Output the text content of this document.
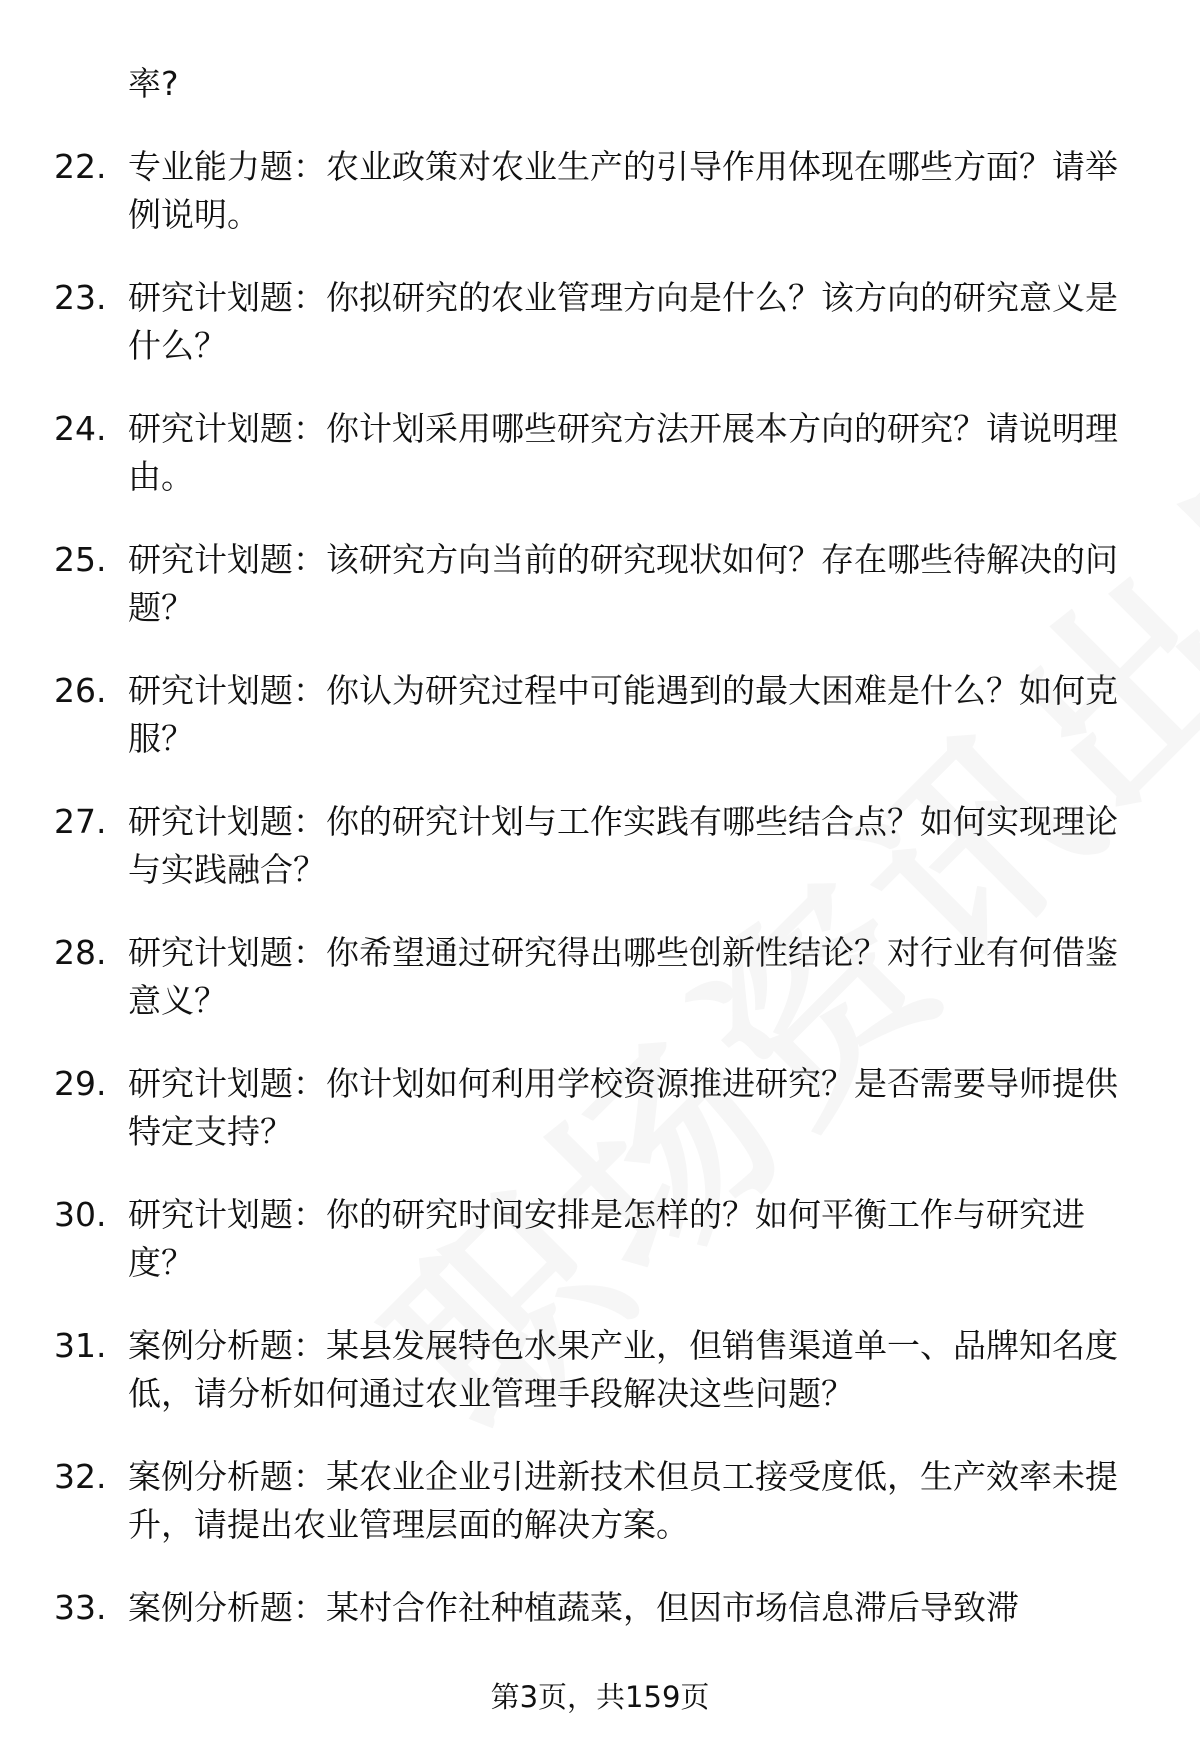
率?
22. 专业能力题：农业政策对农业生产的引导作用体现在哪些方面？请举例说明。
23. 研究计划题：你拟研究的农业管理方向是什么？该方向的研究意义是什么？
24. 研究计划题：你计划采用哪些研究方法开展本方向的研究？请说明理由。
25. 研究计划题：该研究方向当前的研究现状如何？存在哪些待解决的问题？
26. 研究计划题：你认为研究过程中可能遇到的最大困难是什么？如何克服？
27. 研究计划题：你的研究计划与工作实践有哪些结合点？如何实现理论与实践融合？
28. 研究计划题：你希望通过研究得出哪些创新性结论？对行业有何借鉴意义？
29. 研究计划题：你计划如何利用学校资源推进研究？是否需要导师提供特定支持？
30. 研究计划题：你的研究时间安排是怎样的？如何平衡工作与研究进度？
31. 案例分析题：某县发展特色水果产业，但销售渠道单一、品牌知名度低，请分析如何通过农业管理手段解决这些问题？
32. 案例分析题：某农业企业引进新技术但员工接受度低，生产效率未提升，请提出农业管理层面的解决方案。
33. 案例分析题：某村合作社种植蔬菜，但因市场信息滞后导致滞
第3页，共159页
